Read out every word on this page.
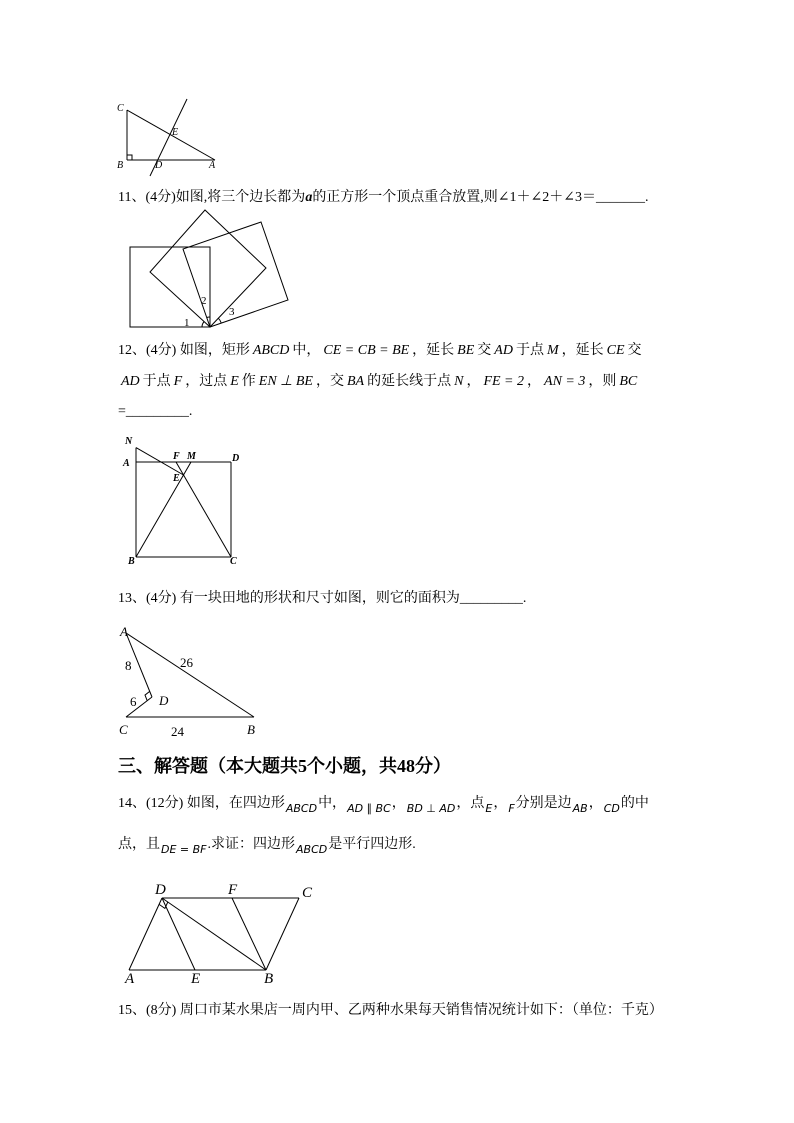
C
E
B	D	A
11、(4分)如图,将三个边长都为a的正方形一个顶点重合放置,则∠1＋∠2＋∠3＝_______.
1
2
3
12、(4分) 如图，矩形 ABCD 中， CE = CB = BE ，延长 BE 交 AD 于点 M ，延长 CE 交
AD 于点 F ，过点 E 作 EN ⊥ BE ，交 BA 的延长线于点 N ， FE = 2 ， AN = 3 ，则 BC
=_________.
N
A
F M	D
E
B	C
13、(4分) 有一块田地的形状和尺寸如图，则它的面积为_________.
A
D
C	B
8	26
6
24
三、解答题（本大题共5个小题，共48分）
14、(12分) 如图，在四边形$_{ABCD}$中，$_{AD \parallel BC}$，$_{BD \perp AD}$，点$_E$，$_F$分别是边$_{AB}$，$_{CD}$的中
点，且$_{DE = BF}$.求证：四边形$_{ABCD}$是平行四边形.
D	F	C
A	E	B
15、(8分) 周口市某水果店一周内甲、乙两种水果每天销售情况统计如下：（单位：千克）
